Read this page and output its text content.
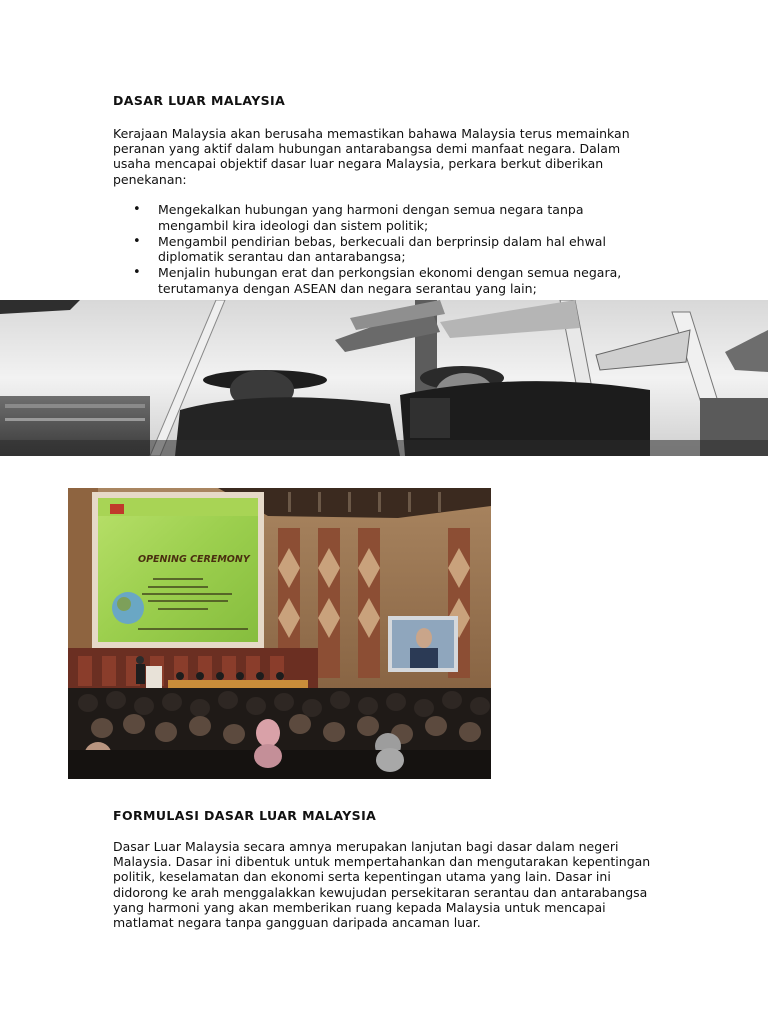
DASAR LUAR MALAYSIA

Kerajaan Malaysia akan berusaha memastikan bahawa Malaysia terus memainkan
peranan yang aktif dalam hubungan antarabangsa demi manfaat negara. Dalam
usaha mencapai objektif dasar luar negara Malaysia, perkara berkut diberikan
penekanan:

• Mengekalkan hubungan yang harmoni dengan semua negara tanpa
mengambil kira ideologi dan sistem politik;
• Mengambil pendirian bebas, berkecuali dan berprinsip dalam hal ehwal
diplomatik serantau dan antarabangsa;
• Menjalin hubungan erat dan perkongsian ekonomi dengan semua negara,
terutamanya dengan ASEAN dan negara serantau yang lain;
OPENING CEREMONY
FORMULASI DASAR LUAR MALAYSIA

Dasar Luar Malaysia secara amnya merupakan lanjutan bagi dasar dalam negeri
Malaysia. Dasar ini dibentuk untuk mempertahankan dan mengutarakan kepentingan
politik, keselamatan dan ekonomi serta kepentingan utama yang lain. Dasar ini
didorong ke arah menggalakkan kewujudan persekitaran serantau dan antarabangsa
yang harmoni yang akan memberikan ruang kepada Malaysia untuk mencapai
matlamat negara tanpa gangguan daripada ancaman luar.
